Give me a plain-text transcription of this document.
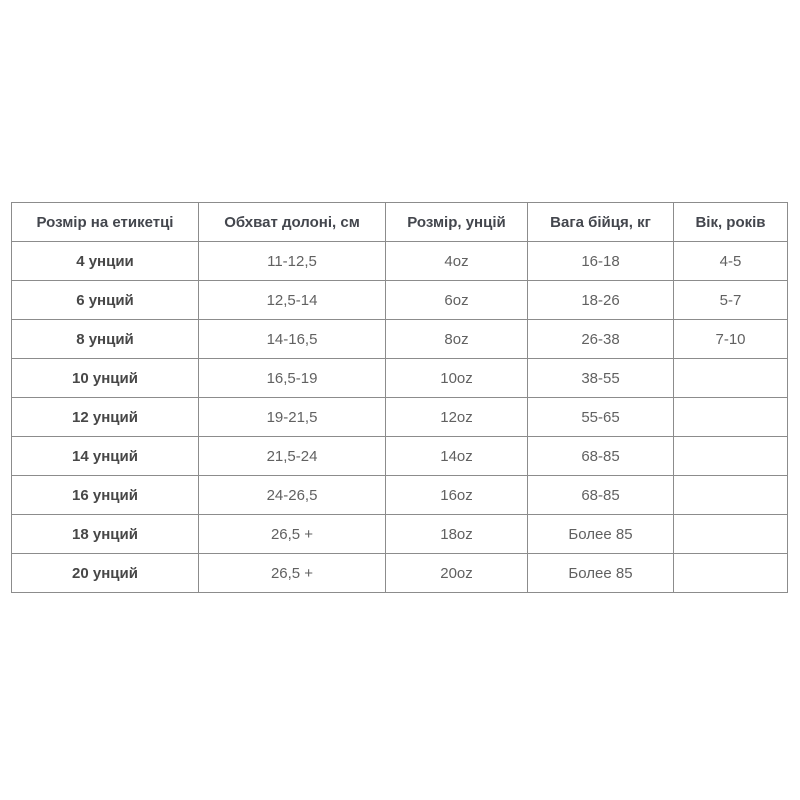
Розмір на етикетці	Обхват долоні, см	Розмір, унцій	Вага бійця, кг	Вік, років
4 унции	11-12,5	4oz	16-18	4-5
6 унций	12,5-14	6oz	18-26	5-7
8 унций	14-16,5	8oz	26-38	7-10
10 унций	16,5-19	10oz	38-55	
12 унций	19-21,5	12oz	55-65	
14 унций	21,5-24	14oz	68-85	
16 унций	24-26,5	16oz	68-85	
18 унций	26,5 +	18oz	Более 85	
20 унций	26,5 +	20oz	Более 85	
